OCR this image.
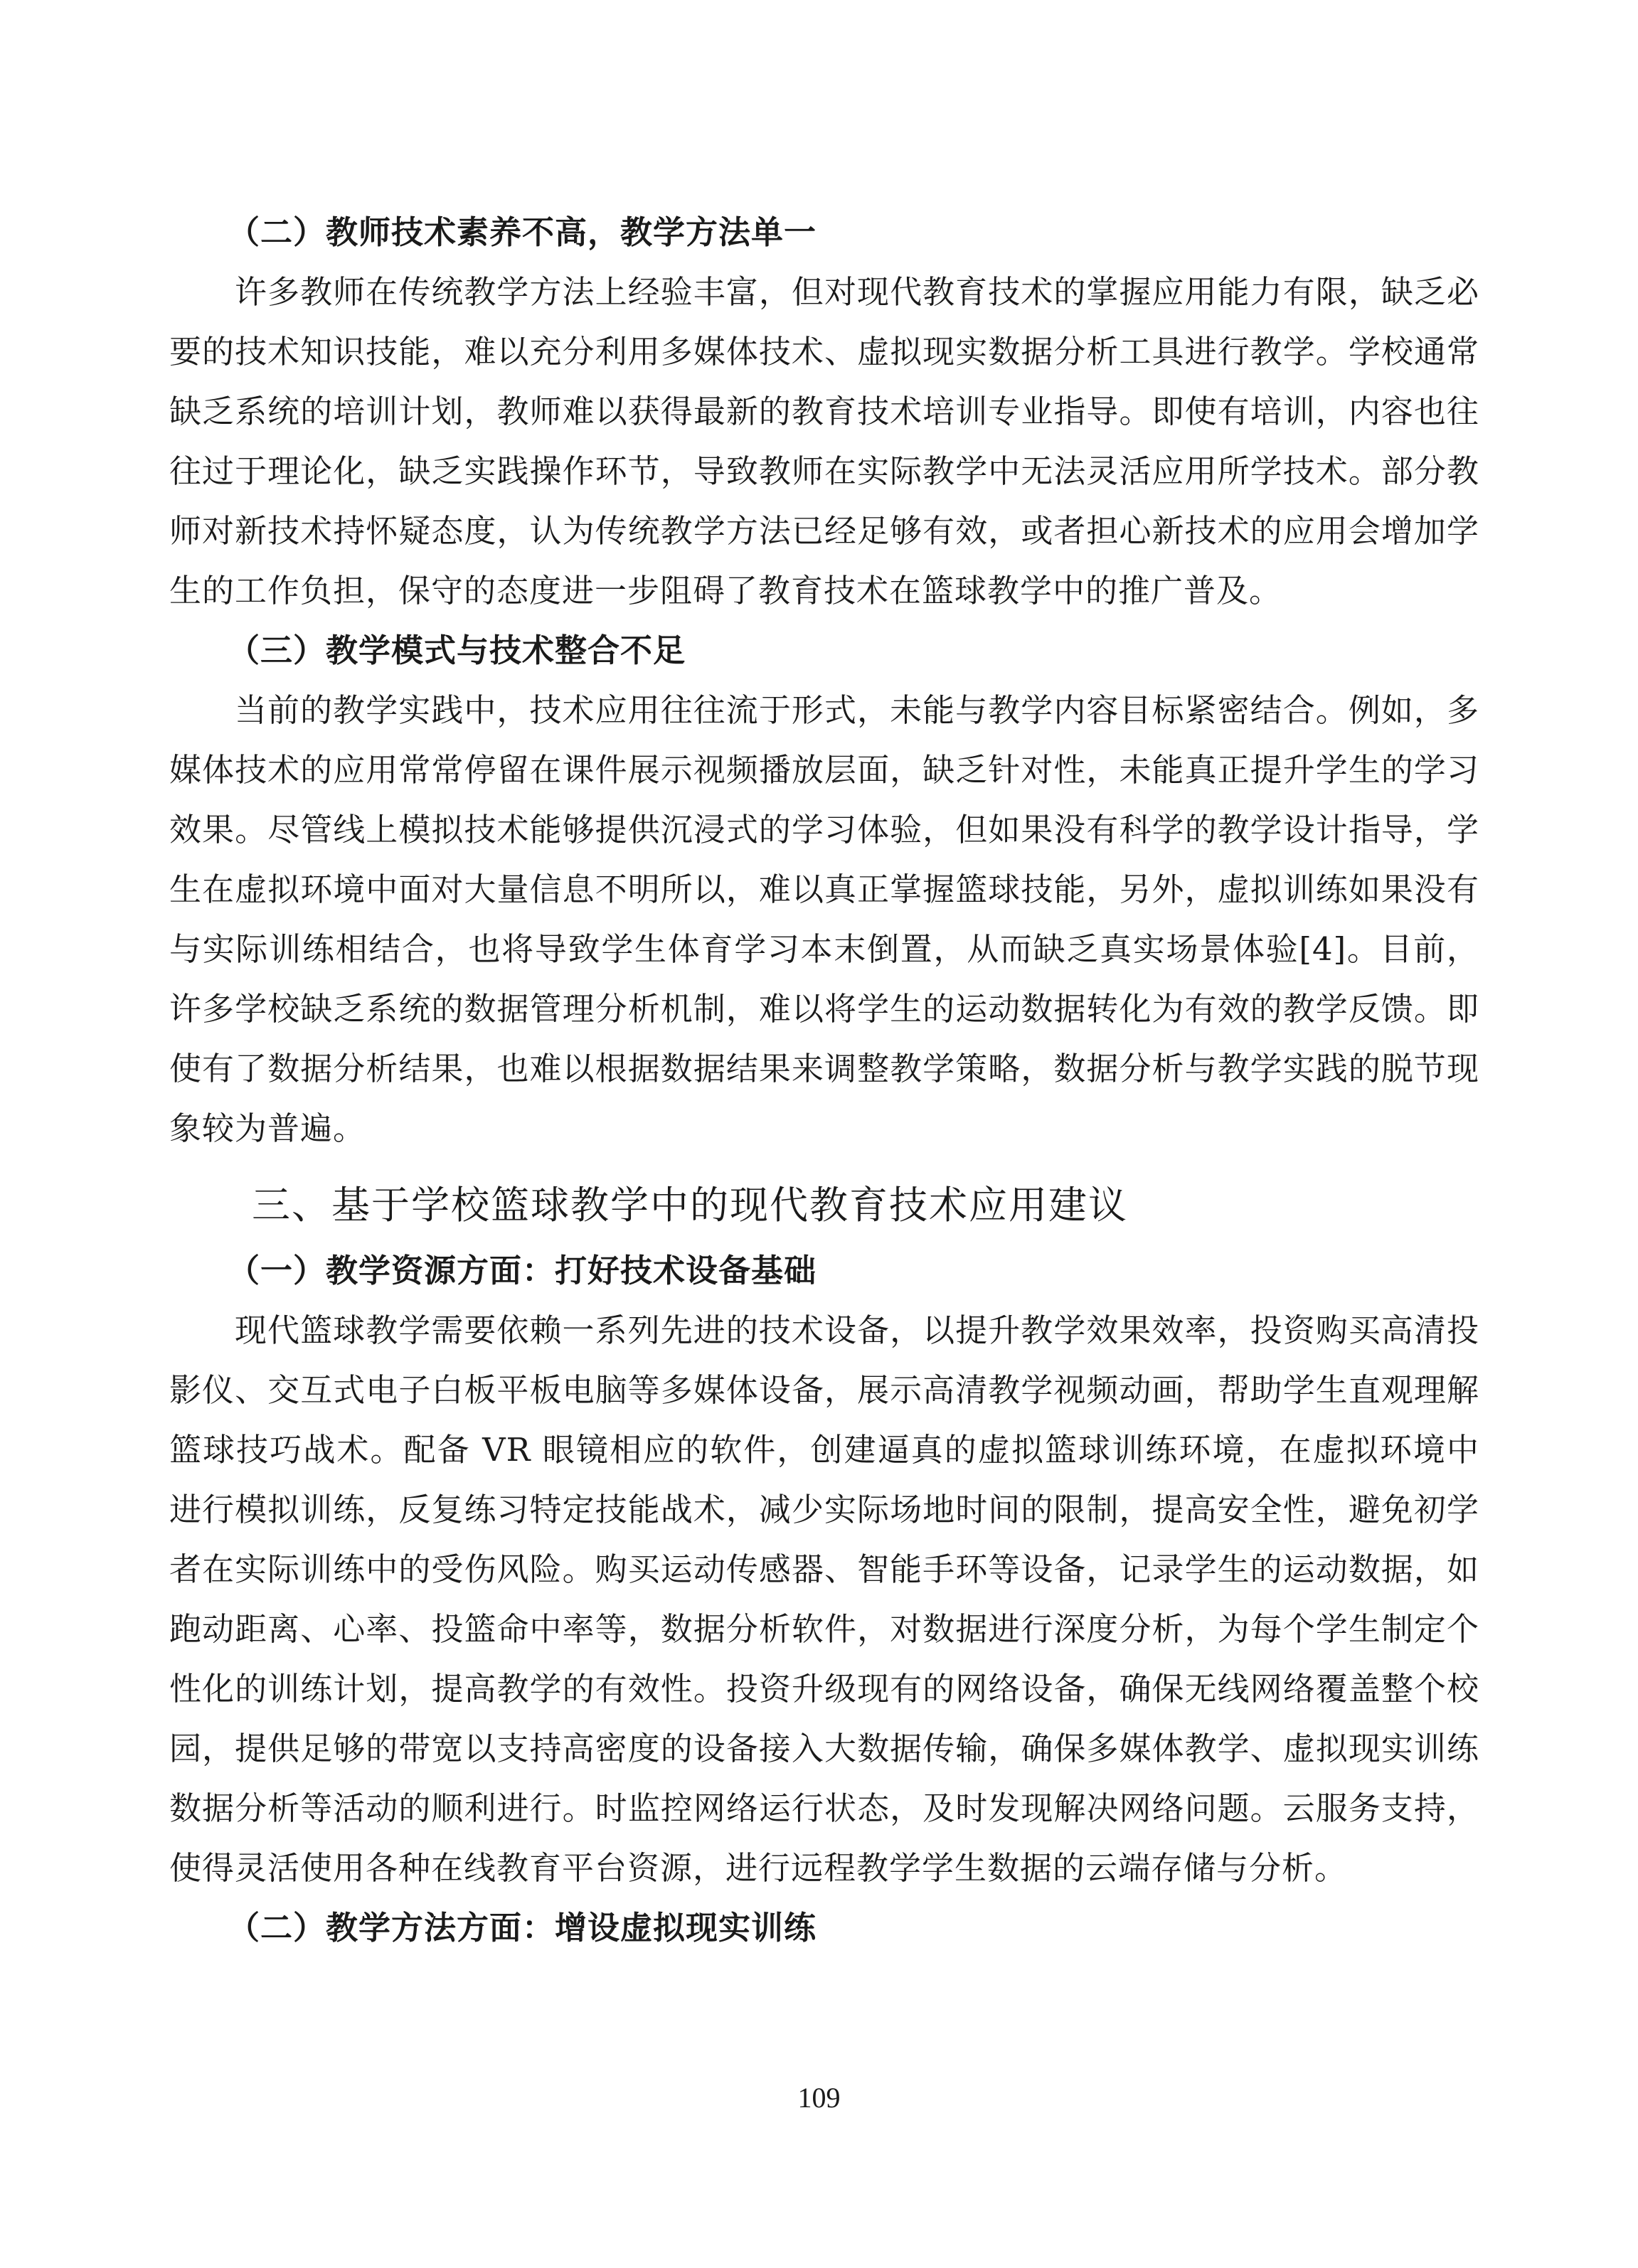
（二）教师技术素养不高，教学方法单一

许多教师在传统教学方法上经验丰富，但对现代教育技术的掌握应用能力有限，缺乏必要的技术知识技能，难以充分利用多媒体技术、虚拟现实数据分析工具进行教学。学校通常缺乏系统的培训计划，教师难以获得最新的教育技术培训专业指导。即使有培训，内容也往往过于理论化，缺乏实践操作环节，导致教师在实际教学中无法灵活应用所学技术。部分教师对新技术持怀疑态度，认为传统教学方法已经足够有效，或者担心新技术的应用会增加学生的工作负担，保守的态度进一步阻碍了教育技术在篮球教学中的推广普及。

（三）教学模式与技术整合不足

当前的教学实践中，技术应用往往流于形式，未能与教学内容目标紧密结合。例如，多媒体技术的应用常常停留在课件展示视频播放层面，缺乏针对性，未能真正提升学生的学习效果。尽管线上模拟技术能够提供沉浸式的学习体验，但如果没有科学的教学设计指导，学生在虚拟环境中面对大量信息不明所以，难以真正掌握篮球技能，另外，虚拟训练如果没有与实际训练相结合，也将导致学生体育学习本末倒置，从而缺乏真实场景体验[4]。目前，许多学校缺乏系统的数据管理分析机制，难以将学生的运动数据转化为有效的教学反馈。即使有了数据分析结果，也难以根据数据结果来调整教学策略，数据分析与教学实践的脱节现象较为普遍。

三、基于学校篮球教学中的现代教育技术应用建议
（一）教学资源方面：打好技术设备基础

现代篮球教学需要依赖一系列先进的技术设备，以提升教学效果效率，投资购买高清投影仪、交互式电子白板平板电脑等多媒体设备，展示高清教学视频动画，帮助学生直观理解篮球技巧战术。配备 VR 眼镜相应的软件，创建逼真的虚拟篮球训练环境，在虚拟环境中进行模拟训练，反复练习特定技能战术，减少实际场地时间的限制，提高安全性，避免初学者在实际训练中的受伤风险。购买运动传感器、智能手环等设备，记录学生的运动数据，如跑动距离、心率、投篮命中率等，数据分析软件，对数据进行深度分析，为每个学生制定个性化的训练计划，提高教学的有效性。投资升级现有的网络设备，确保无线网络覆盖整个校园，提供足够的带宽以支持高密度的设备接入大数据传输，确保多媒体教学、虚拟现实训练数据分析等活动的顺利进行。时监控网络运行状态，及时发现解决网络问题。云服务支持，使得灵活使用各种在线教育平台资源，进行远程教学学生数据的云端存储与分析。

（二）教学方法方面：增设虚拟现实训练
109
